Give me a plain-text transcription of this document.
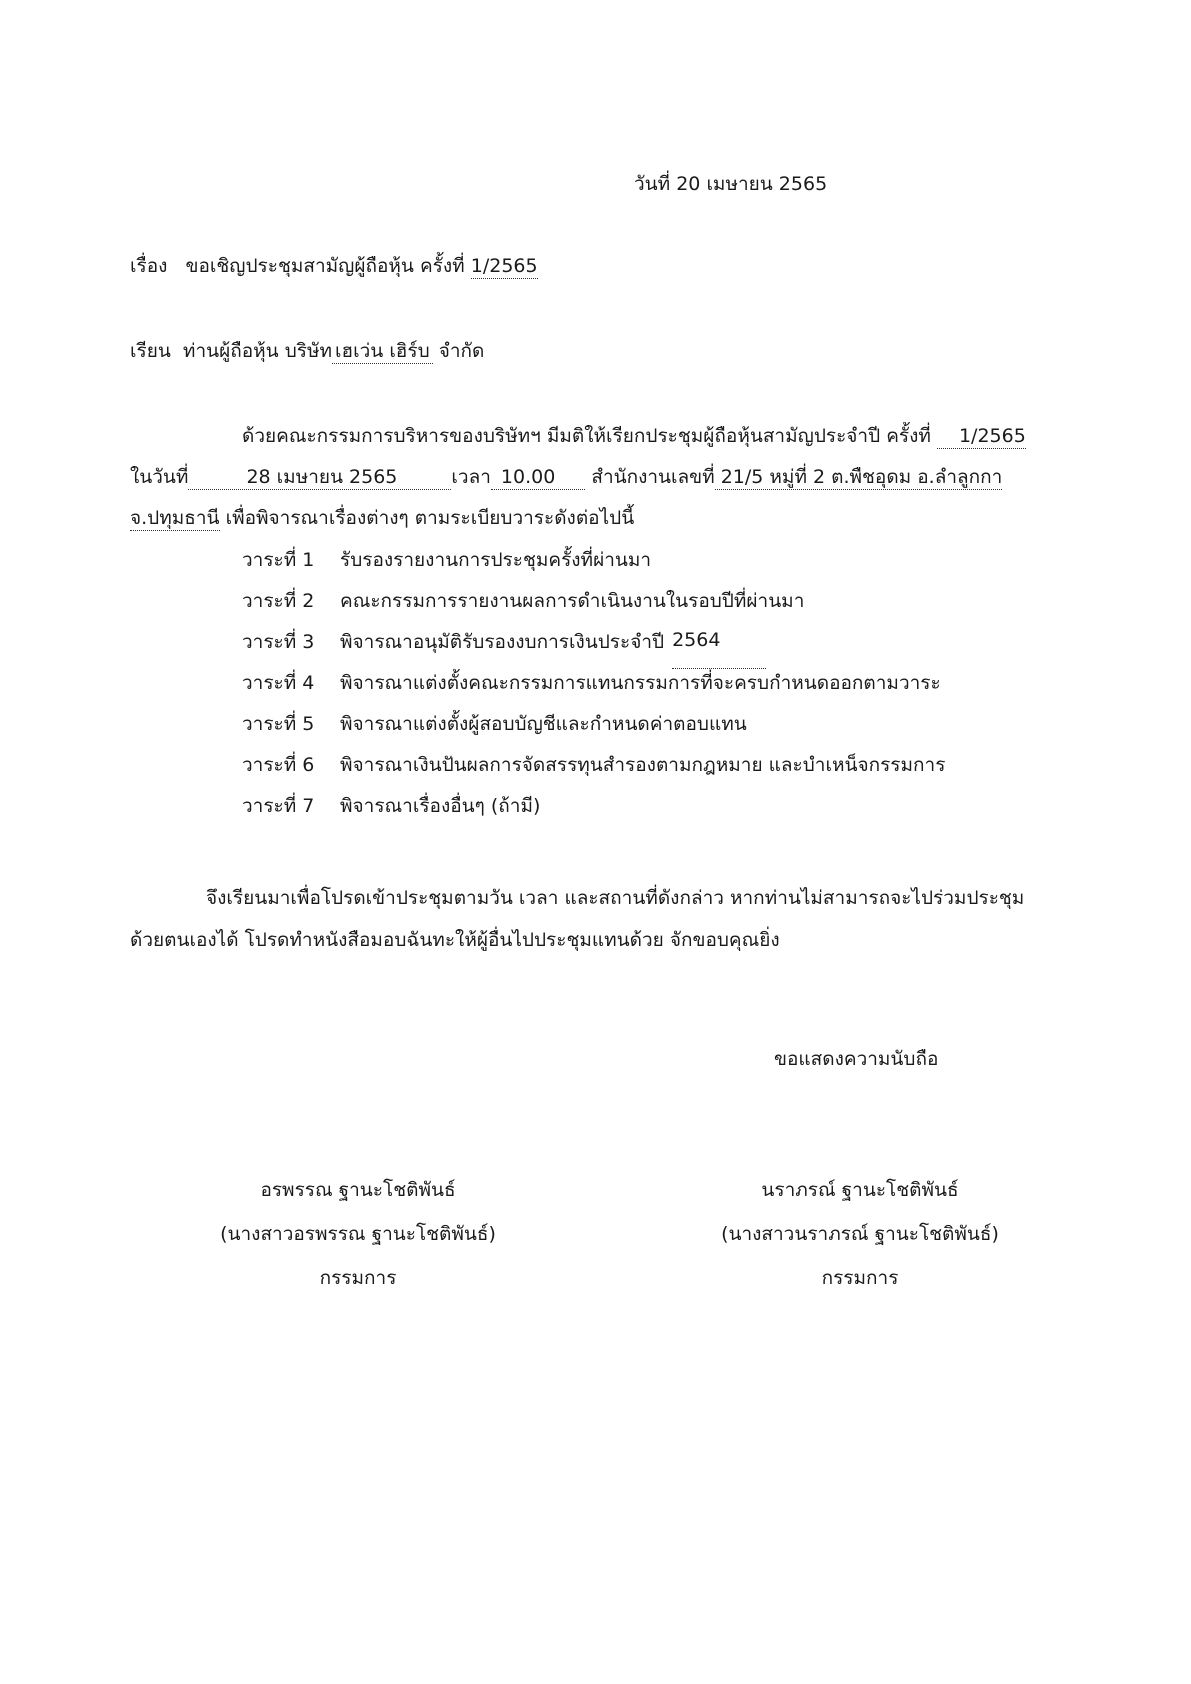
วันที่ 20 เมษายน 2565
เรื่อง ขอเชิญประชุมสามัญผู้ถือหุ้น ครั้งที่ 1/2565
เรียน ท่านผู้ถือหุ้น บริษัท เฮเว่น เฮิร์บ จำกัด
ด้วยคณะกรรมการบริหารของบริษัทฯ มีมติให้เรียกประชุมผู้ถือหุ้นสามัญประจำปี ครั้งที่ 1/2565
ในวันที่	28 เมษายน 2565	เวลา 10.00 สำนักงานเลขที่ 21/5 หมู่ที่ 2 ต.พืชอุดม อ.ลำลูกกา
จ.ปทุมธานี เพื่อพิจารณาเรื่องต่างๆ ตามระเบียบวาระดังต่อไปนี้
วาระที่ 1	รับรองรายงานการประชุมครั้งที่ผ่านมา
วาระที่ 2	คณะกรรมการรายงานผลการดำเนินงานในรอบปีที่ผ่านมา
วาระที่ 3	พิจารณาอนุมัติรับรองงบการเงินประจำปี 2564
วาระที่ 4	พิจารณาแต่งตั้งคณะกรรมการแทนกรรมการที่จะครบกำหนดออกตามวาระ
วาระที่ 5	พิจารณาแต่งตั้งผู้สอบบัญชีและกำหนดค่าตอบแทน
วาระที่ 6	พิจารณาเงินปันผลการจัดสรรทุนสำรองตามกฎหมาย และบำเหน็จกรรมการ
วาระที่ 7	พิจารณาเรื่องอื่นๆ (ถ้ามี)
จึงเรียนมาเพื่อโปรดเข้าประชุมตามวัน เวลา และสถานที่ดังกล่าว หากท่านไม่สามารถจะไปร่วมประชุม
ด้วยตนเองได้ โปรดทำหนังสือมอบฉันทะให้ผู้อื่นไปประชุมแทนด้วย จักขอบคุณยิ่ง
ขอแสดงความนับถือ
อรพรรณ ฐานะโชติพันธ์
(นางสาวอรพรรณ ฐานะโชติพันธ์)
กรรมการ
นราภรณ์ ฐานะโชติพันธ์
(นางสาวนราภรณ์ ฐานะโชติพันธ์)
กรรมการ
